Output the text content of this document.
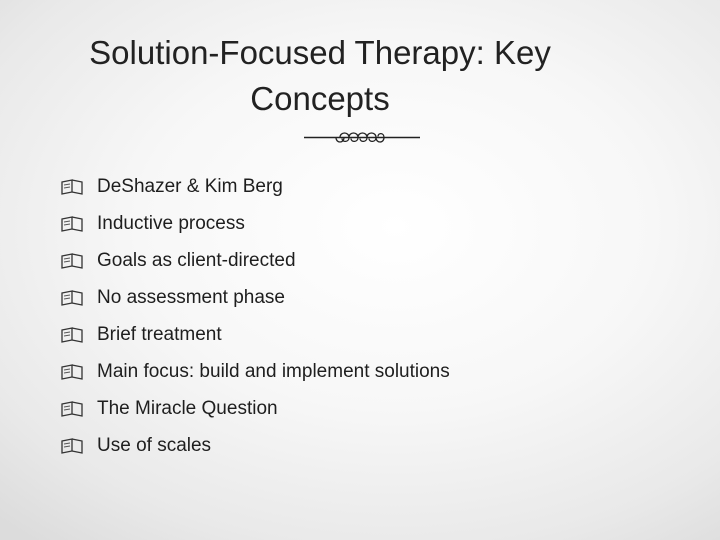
Solution-Focused Therapy: Key
Concepts
DeShazer & Kim Berg
Inductive process
Goals as client-directed
No assessment phase
Brief treatment
Main focus: build and implement solutions
The Miracle Question
Use of scales
